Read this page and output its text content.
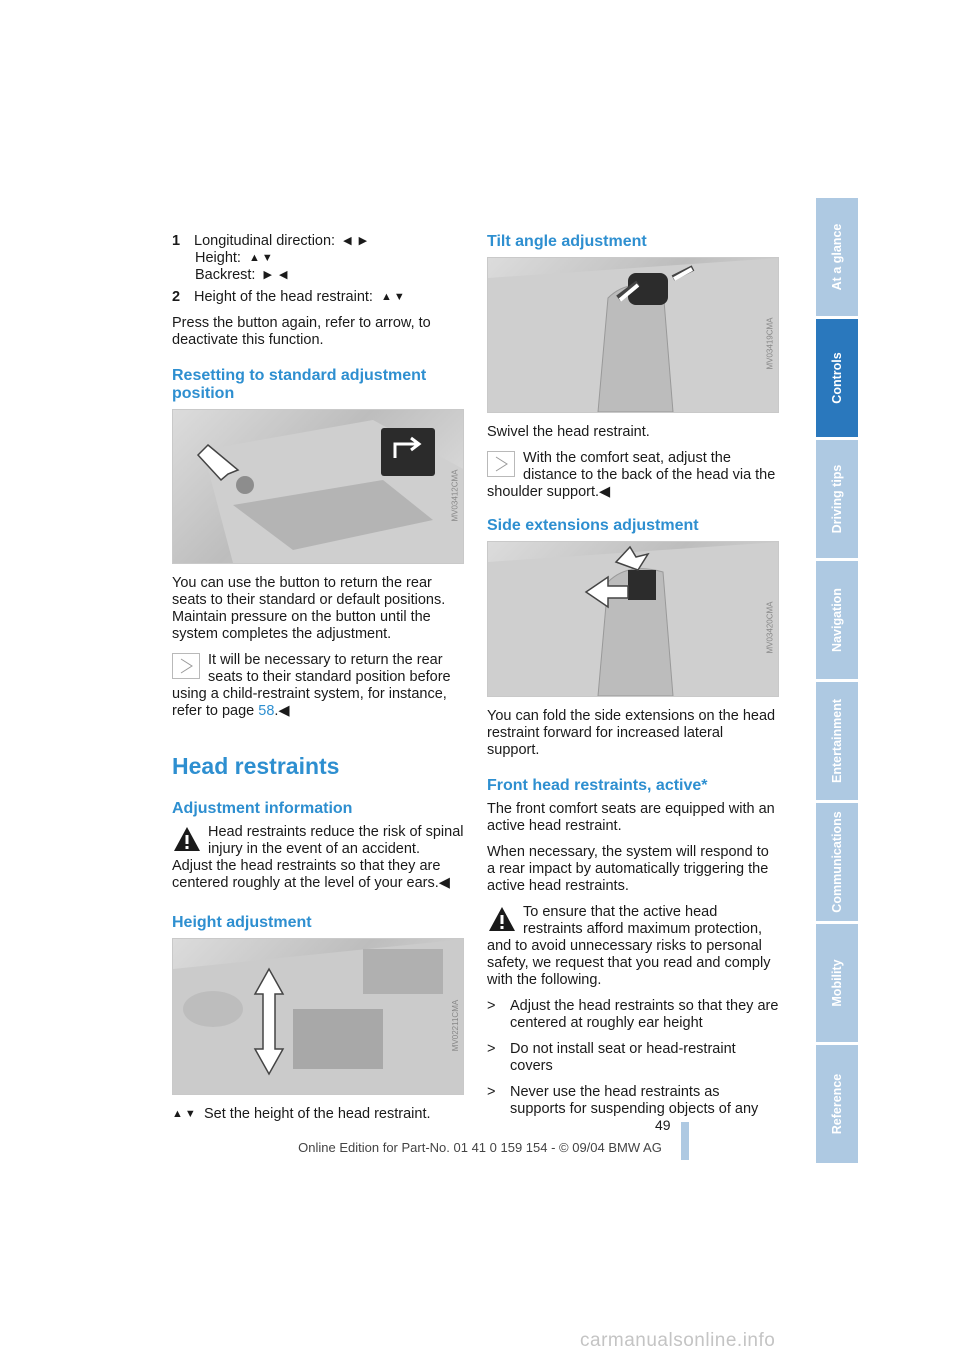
1 Longitudinal direction: ◀ ▶
Height: ▲▼
Backrest: ▶ ◀
2 Height of the head restraint: ▲▼

Press the button again, refer to arrow, to deactivate this function.

Resetting to standard adjustment position
MV03412CMA

You can use the button to return the rear seats to their standard or default positions. Maintain pressure on the button until the system completes the adjustment.

It will be necessary to return the rear seats to their standard position before
using a child-restraint system, for instance, refer to page 58.◀
Head restraints
Adjustment information
Head restraints reduce the risk of spinal injury in the event of an accident.
Adjust the head restraints so that they are centered roughly at the level of your ears.◀
Height adjustment
MV02211CMA
▲▼ Set the height of the head restraint.
Tilt angle adjustment
MV03419CMA

Swivel the head restraint.

With the comfort seat, adjust the distance to the back of the head via the
shoulder support.◀
Side extensions adjustment
MV03420CMA

You can fold the side extensions on the head restraint forward for increased lateral support.

Front head restraints, active*

The front comfort seats are equipped with an active head restraint.

When necessary, the system will respond to a rear impact by automatically triggering the active head restraints.

To ensure that the active head restraints afford maximum protection,
and to avoid unnecessary risks to personal safety, we request that you read and comply with the following.
> Adjust the head restraints so that they are centered at roughly ear height
> Do not install seat or head-restraint covers
> Never use the head restraints as supports for suspending objects of any
At a glance
Controls
Driving tips
Navigation
Entertainment
Communications
Mobility
Reference
49
Online Edition for Part-No. 01 41 0 159 154 - © 09/04 BMW AG
carmanualsonline.info
